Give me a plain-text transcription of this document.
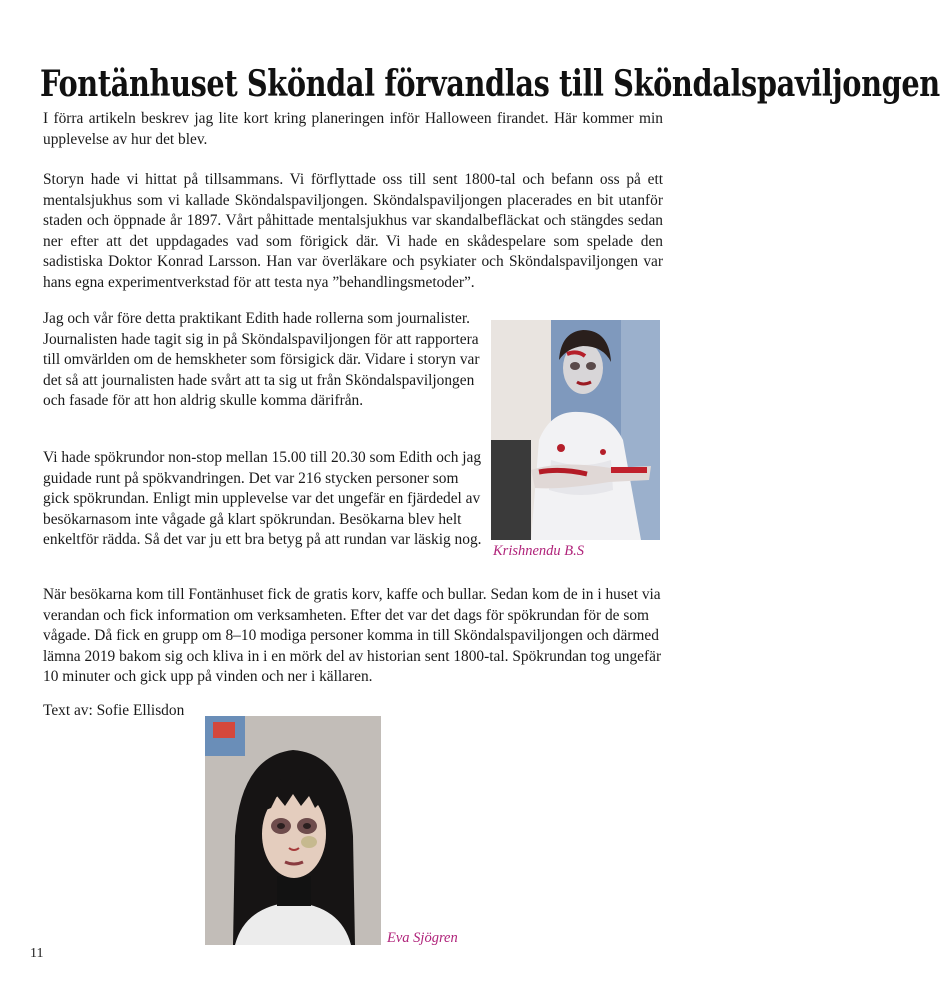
Fontänhuset Sköndal förvandlas till Sköndalspaviljongen

I förra artikeln beskrev jag lite kort kring planeringen inför Halloween firandet. Här kommer min upplevelse av hur det blev.

Storyn hade vi hittat på tillsammans. Vi förflyttade oss till sent 1800-tal och befann oss på ett mentalsjukhus som vi kallade Sköndalspaviljongen. Sköndalspaviljongen placerades en bit utanför staden och öppnade år 1897. Vårt påhittade mentalsjukhus var skandalbefläckat och stängdes sedan ner efter att det uppdagades vad som förigick där. Vi hade en skådespelare som spelade den sadistiska Doktor Konrad Larsson. Han var överläkare och psykiater och Sköndalspaviljongen var hans egna experimentverkstad för att testa nya ”behandlingsmetoder”.

Jag och vår före detta praktikant Edith hade rollerna som journalister. Journalisten hade tagit sig in på Sköndalspaviljongen för att rapportera till omvärlden om de hemskheter som försigick där. Vidare i storyn var det så att journalisten hade svårt att ta sig ut från Sköndalspaviljongen och fasade för att hon aldrig skulle komma därifrån.

Vi hade spökrundor non-stop mellan 15.00 till 20.30 som Edith och jag guidade runt på spökvandringen. Det var 216 stycken personer som gick spökrundan. Enligt min upplevelse var det ungefär en fjärdedel av besökarnasom inte vågade gå klart spökrundan. Besökarna blev helt enkeltför rädda. Så det var ju ett bra betyg på att rundan var läskig nog.

När besökarna kom till Fontänhuset fick de gratis korv, kaffe och bullar. Sedan kom de in i huset via verandan och fick information om verksamheten. Efter det var det dags för spökrundan för de som vågade. Då fick en grupp om 8–10 modiga personer komma in till Sköndalspaviljongen och därmed lämna 2019 bakom sig och kliva in i en mörk del av historian sent 1800-tal. Spökrundan tog ungefär 10 minuter och gick upp på vinden och ner i källaren.

Text av: Sofie Ellisdon

Krishnendu B.S
Eva Sjögren
11
